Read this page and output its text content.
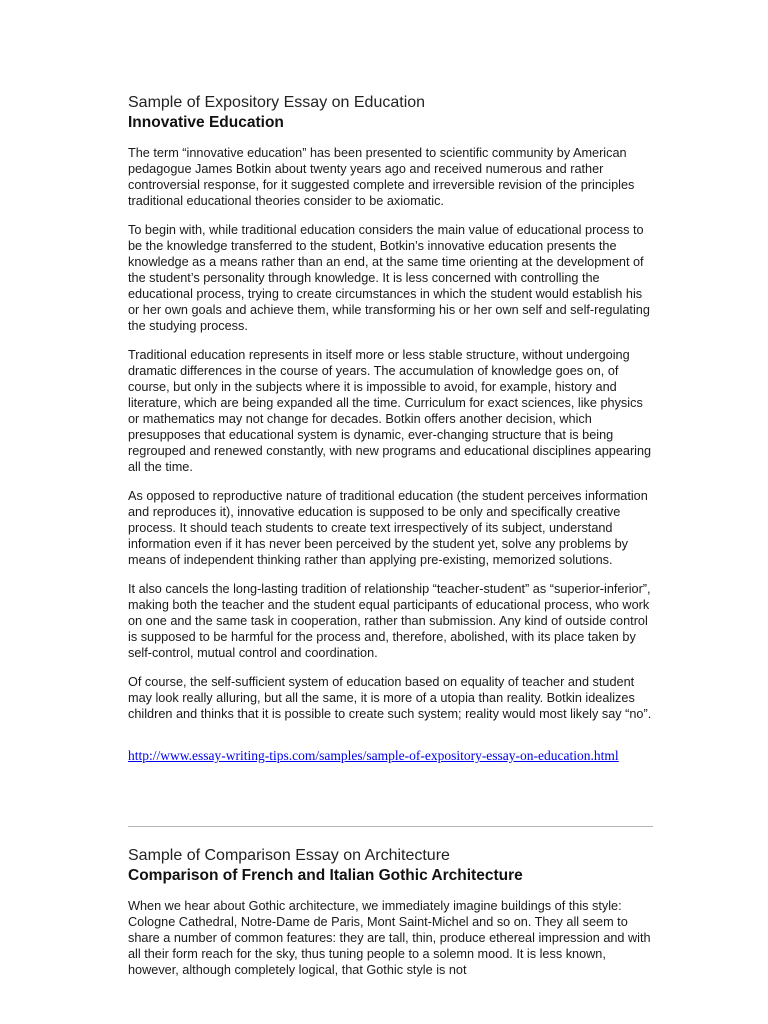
Sample of Expository Essay on Education

Innovative Education

The term “innovative education” has been presented to scientific community by American pedagogue James Botkin about twenty years ago and received numerous and rather controversial response, for it suggested complete and irreversible revision of the principles traditional educational theories consider to be axiomatic.

To begin with, while traditional education considers the main value of educational process to be the knowledge transferred to the student, Botkin’s innovative education presents the knowledge as a means rather than an end, at the same time orienting at the development of the student’s personality through knowledge. It is less concerned with controlling the educational process, trying to create circumstances in which the student would establish his or her own goals and achieve them, while transforming his or her own self and self-regulating the studying process.

Traditional education represents in itself more or less stable structure, without undergoing dramatic differences in the course of years. The accumulation of knowledge goes on, of course, but only in the subjects where it is impossible to avoid, for example, history and literature, which are being expanded all the time. Curriculum for exact sciences, like physics or mathematics may not change for decades. Botkin offers another decision, which presupposes that educational system is dynamic, ever-changing structure that is being regrouped and renewed constantly, with new programs and educational disciplines appearing all the time.

As opposed to reproductive nature of traditional education (the student perceives information and reproduces it), innovative education is supposed to be only and specifically creative process. It should teach students to create text irrespectively of its subject, understand information even if it has never been perceived by the student yet, solve any problems by means of independent thinking rather than applying pre-existing, memorized solutions.

It also cancels the long-lasting tradition of relationship “teacher-student” as “superior-inferior”, making both the teacher and the student equal participants of educational process, who work on one and the same task in cooperation, rather than submission. Any kind of outside control is supposed to be harmful for the process and, therefore, abolished, with its place taken by self-control, mutual control and coordination.

Of course, the self-sufficient system of education based on equality of teacher and student may look really alluring, but all the same, it is more of a utopia than reality. Botkin idealizes children and thinks that it is possible to create such system; reality would most likely say “no”.

http://www.essay-writing-tips.com/samples/sample-of-expository-essay-on-education.html

Sample of Comparison Essay on Architecture

Comparison of French and Italian Gothic Architecture

When we hear about Gothic architecture, we immediately imagine buildings of this style: Cologne Cathedral, Notre-Dame de Paris, Mont Saint-Michel and so on. They all seem to share a number of common features: they are tall, thin, produce ethereal impression and with all their form reach for the sky, thus tuning people to a solemn mood. It is less known, however, although completely logical, that Gothic style is not
